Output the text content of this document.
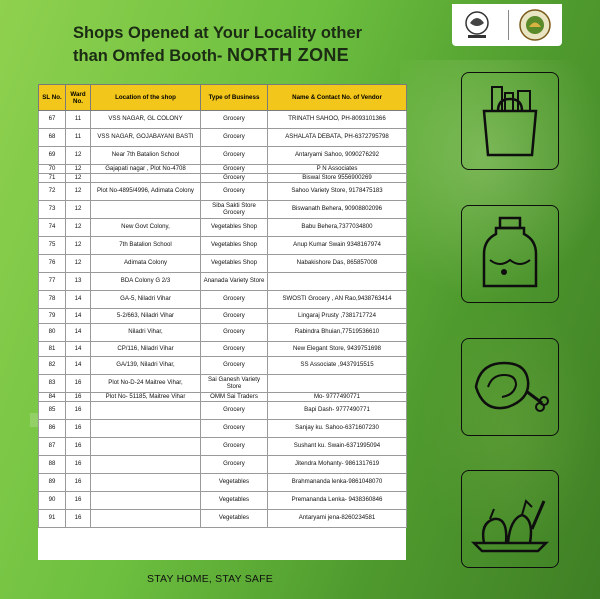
Shops Opened at Your Locality other
than Omfed Booth- NORTH ZONE
SL No.	Ward No.	Location of the shop	Type of Business	Name & Contact No. of Vendor
67	11	VSS NAGAR, GL COLONY	Grocery	TRINATH SAHOO, PH-8093101366
68	11	VSS NAGAR, GOJABAYANI BASTI	Grocery	ASHALATA DEBATA, PH-6372795798
69	12	Near 7th Batalion School	Grocery	Antaryami Sahoo, 9090276292
70	12	Gajapati nagar , Plot No-4708	Grocery	P N Associates
71	12		Grocery	Biswal Store 9556900269
72	12	Plot No-4895/4996, Adimata Colony	Grocery	Sahoo Variety Store, 9178475183
73	12		Siba Sakti Store Grocery	Biswanath Behera, 90908802096
74	12	New Govt Colony,	Vegetables Shop	Babu Behera,7377034800
75	12	7th Batalion School	Vegetables Shop	Anup Kumar Swain 9348167974
76	12	Adimata Colony	Vegetables Shop	Nabakishore Das, 865857008
77	13	BDA Colony G 2/3	Ananada Variety Store	
78	14	GA-5, Niladri Vihar	Grocery	SWOSTI Grocery , AN Rao,9438763414
79	14	5-2/663, Niladri Vihar	Grocery	Lingaraj Prusty ,7381717724
80	14	Niladri Vihar,	Grocery	Rabindra Bhuian,77519536610
81	14	CP/116, Niladri Vihar	Grocery	New Elegant Store, 9439751698
82	14	GA/139, Niladri Vihar,	Grocery	SS Associate ,9437915515
83	16	Plot No-D-24 Maitree Vihar,	Sai Ganesh Variety Store	
84	16	Plot No- 51185, Maitree Vihar	OMM Sai Traders	Mo- 9777490771
85	16		Grocery	Bapi Dash- 9777490771
86	16		Grocery	Sanjay ku. Sahoo-6371607230
87	16		Grocery	Sushant ku. Swain-6371995094
88	16		Grocery	Jitendra Mohanty- 9861317619
89	16		Vegetables	Brahmananda lenka-9861048070
90	16		Vegetables	Premananda Lenka- 9438360846
91	16		Vegetables	Antaryami jena-8260234581
STAY HOME, STAY SAFE
